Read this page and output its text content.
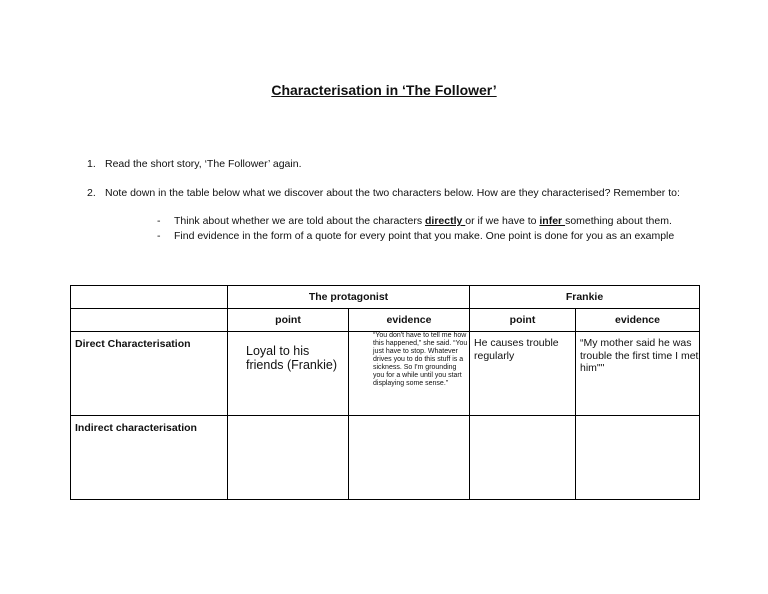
Characterisation in ‘The Follower’
1. Read the short story, ‘The Follower’ again.
2. Note down in the table below what we discover about the two characters below. How are they characterised? Remember to:
- Think about whether we are told about the characters directly or if we have to infer something about them.
- Find evidence in the form of a quote for every point that you make. One point is done for you as an example
	The protagonist		Frankie	
	point	evidence	point	evidence
Direct Characterisation	Loyal to his friends (Frankie)	“You don't have to tell me how this happened,” she said. “You just have to stop. Whatever drives you to do this stuff is a sickness. So I'm grounding you for a while until you start displaying some sense.”	He causes trouble regularly	“My mother said he was trouble the first time I met him""
Indirect characterisation				
